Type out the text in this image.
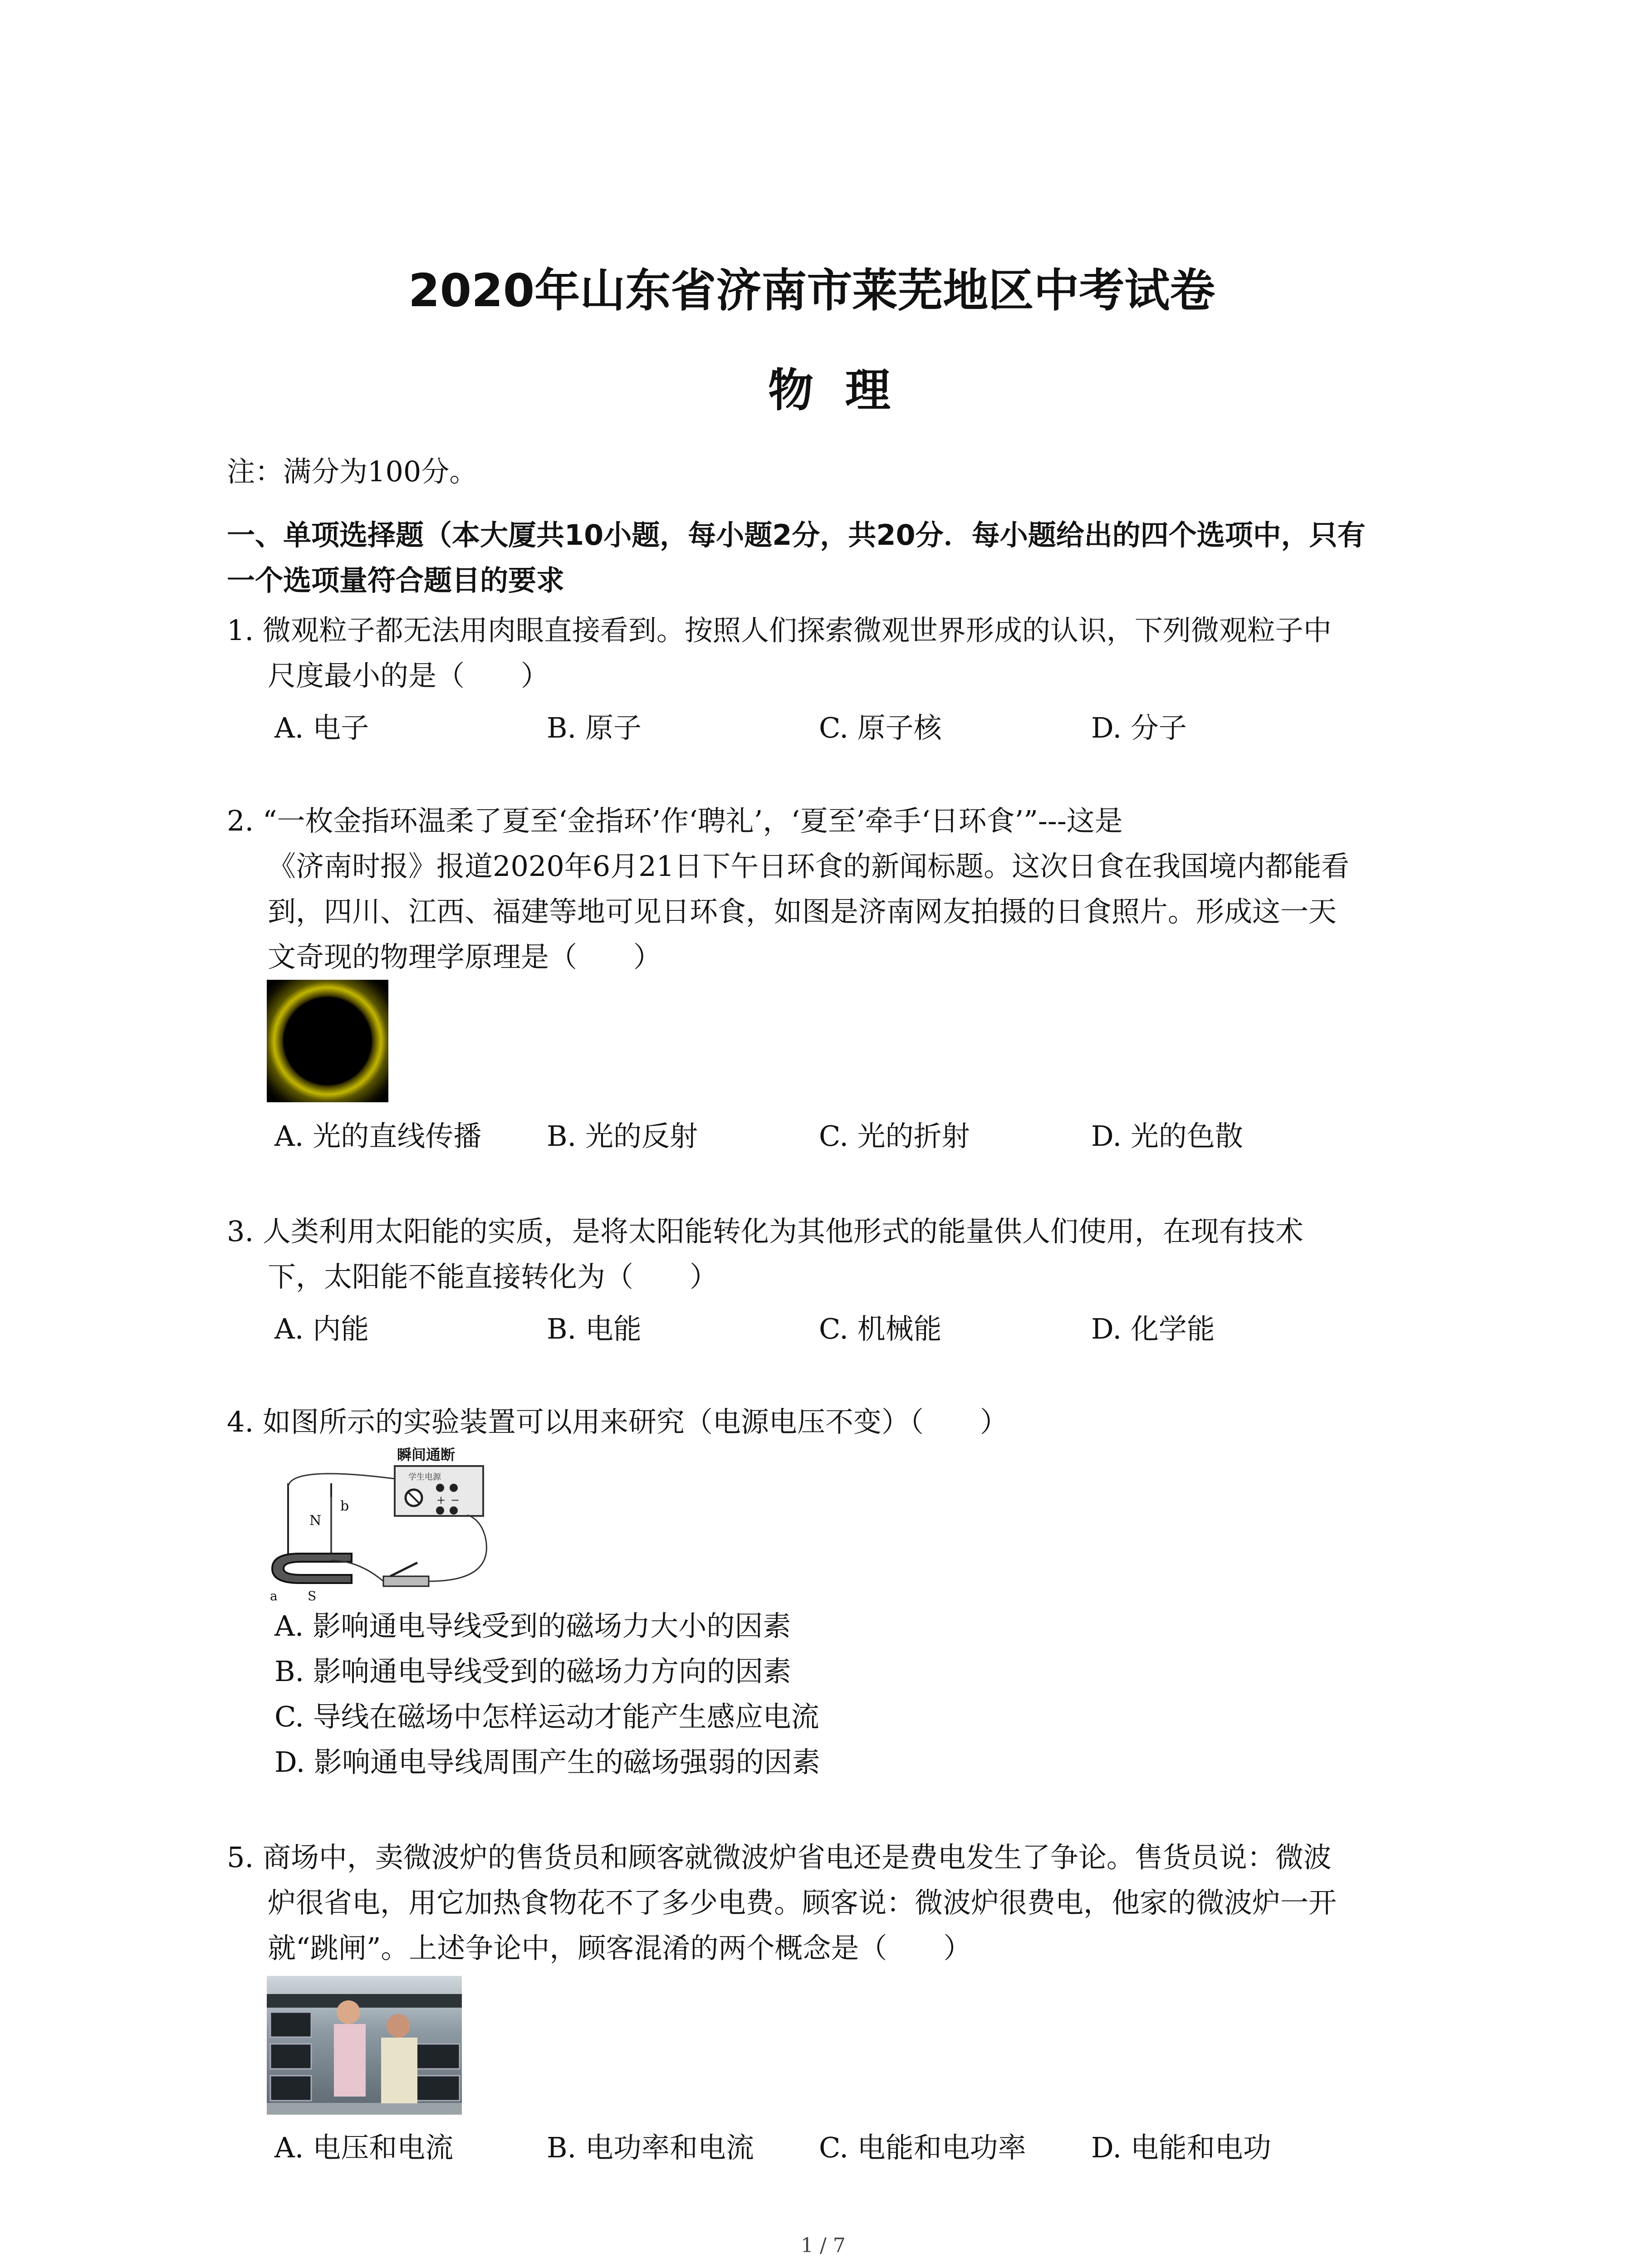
2020年山东省济南市莱芜地区中考试卷
物  理
注：满分为100分。
一、单项选择题（本大厦共10小题，每小题2分，共20分．每小题给出的四个选项中，只有
一个选项量符合题目的要求
1. 微观粒子都无法用肉眼直接看到。按照人们探索微观世界形成的认识，下列微观粒子中
尺度最小的是（　　）
A. 电子	B. 原子	C. 原子核	D. 分子
2. “一枚金指环温柔了夏至‘金指环’作‘聘礼’，‘夏至’牵手‘日环食’”---这是
《济南时报》报道2020年6月21日下午日环食的新闻标题。这次日食在我国境内都能看
到，四川、江西、福建等地可见日环食，如图是济南网友拍摄的日食照片。形成这一天
文奇现的物理学原理是（　　）
A. 光的直线传播 B. 光的反射	C. 光的折射	D. 光的色散
3. 人类利用太阳能的实质，是将太阳能转化为其他形式的能量供人们使用，在现有技术
下，太阳能不能直接转化为（　　）
A. 内能	B. 电能	C. 机械能	D. 化学能
4. 如图所示的实验装置可以用来研究（电源电压不变）（　　）
瞬间通断
学生电源
+ −
N
b
a S
A. 影响通电导线受到的磁场力大小的因素
B. 影响通电导线受到的磁场力方向的因素
C. 导线在磁场中怎样运动才能产生感应电流
D. 影响通电导线周围产生的磁场强弱的因素
5. 商场中，卖微波炉的售货员和顾客就微波炉省电还是费电发生了争论。售货员说：微波
炉很省电，用它加热食物花不了多少电费。顾客说：微波炉很费电，他家的微波炉一开
就“跳闸”。上述争论中，顾客混淆的两个概念是（　　）
A. 电压和电流	B. 电功率和电流 C. 电能和电功率 D. 电能和电功
1 / 7
